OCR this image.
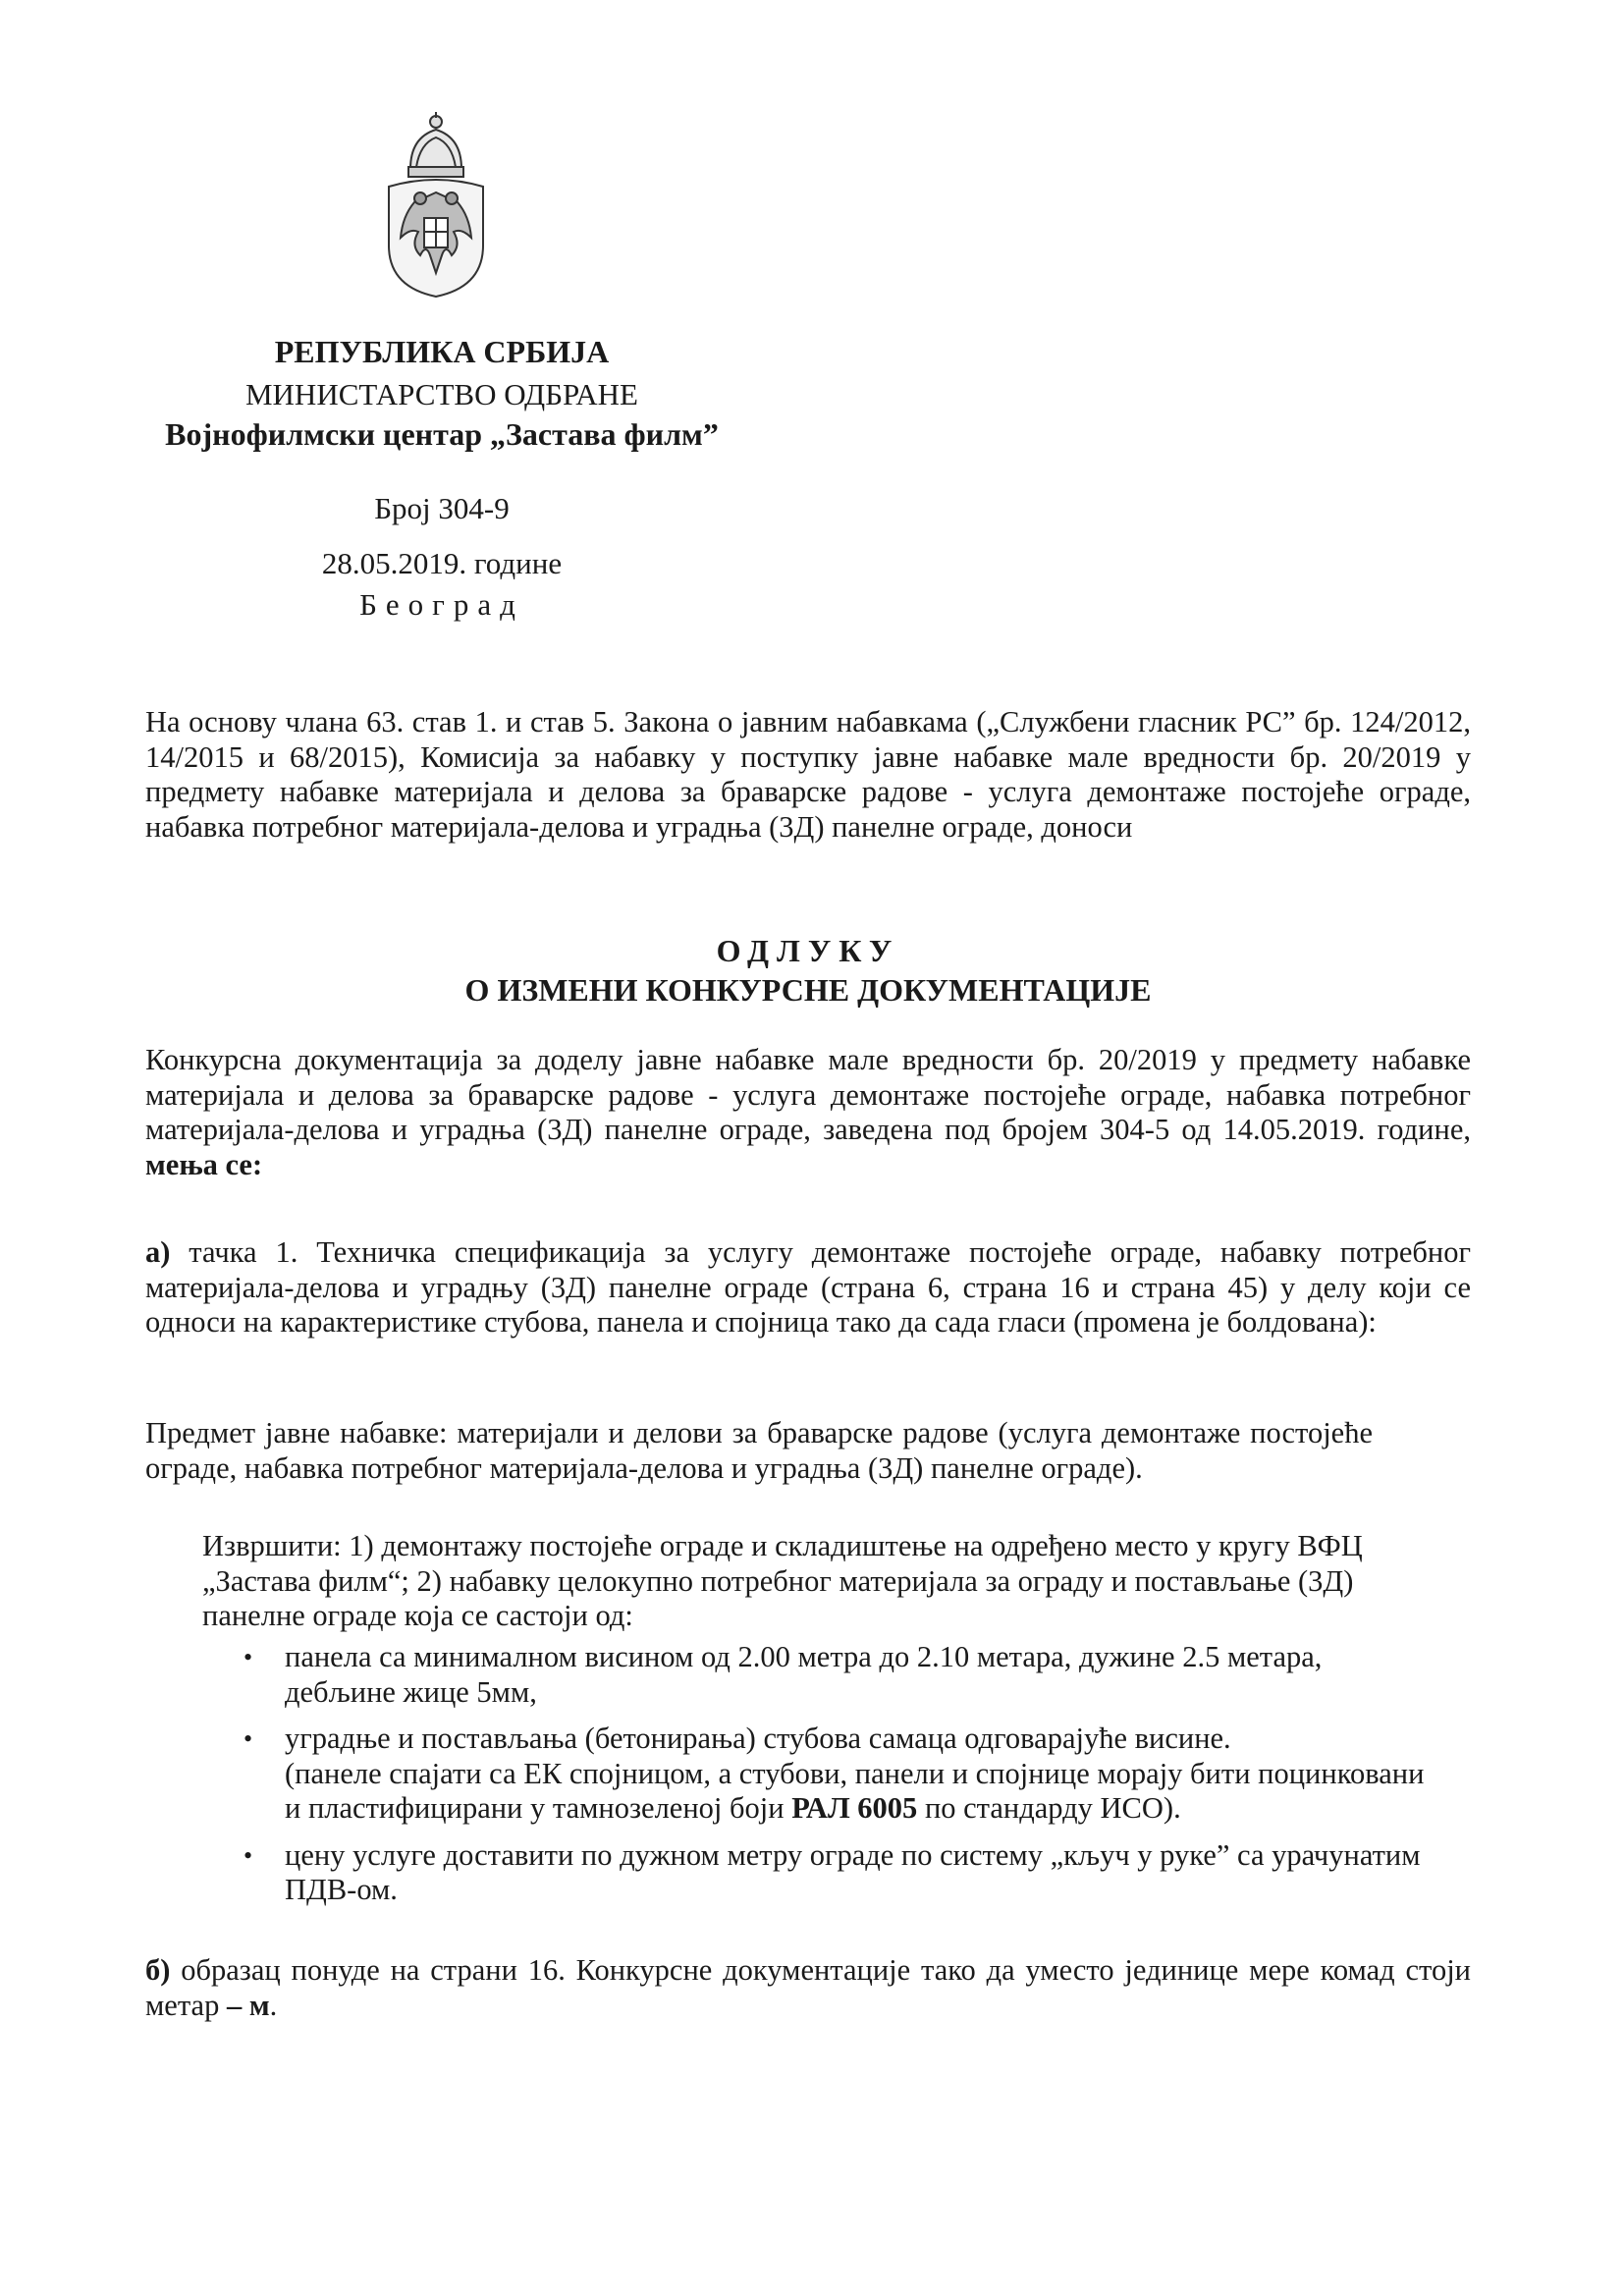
РЕПУБЛИКА СРБИЈА
МИНИСТАРСТВО ОДБРАНЕ
Војнофилмски центар „Застава филм”
Број 304-9
28.05.2019. године
Београд
На основу члана 63. став 1. и став 5. Закона о јавним набавкама („Службени гласник РС” бр. 124/2012, 14/2015 и 68/2015), Комисија за набавку у поступку јавне набавке мале вредности бр. 20/2019 у предмету набавке материјала и делова за браварске радове - услуга демонтаже постојеће ограде, набавка потребног материјала-делова и уградња (3Д) панелне ограде, доноси
ОДЛУКУ
О ИЗМЕНИ КОНКУРСНЕ ДОКУМЕНТАЦИЈЕ
Конкурсна документација за доделу јавне набавке мале вредности бр. 20/2019 у предмету набавке материјала и делова за браварске радове - услуга демонтаже постојеће ограде, набавка потребног материјала-делова и уградња (3Д) панелне ограде, заведена под бројем 304-5 од 14.05.2019. године, мења се:
а) тачка 1. Техничка спецификација за услугу демонтаже постојеће ограде, набавку потребног материјала-делова и уградњу (3Д) панелне ограде (страна 6, страна 16 и страна 45) у делу који се односи на карактеристике стубова, панела и спојница тако да сада гласи (промена је болдована):
Предмет јавне набавке: материјали и делови за браварске радове (услуга демонтаже постојеће ограде, набавка потребног материјала-делова и уградња (3Д) панелне ограде).
Извршити: 1) демонтажу постојеће ограде и складиштење на одређено место у кругу ВФЦ „Застава филм“; 2) набавку целокупно потребног материјала за ограду и постављање (3Д) панелне ограде која се састоји од:
• панела са минималном висином од 2.00 метра до 2.10 метара, дужине 2.5 метара, дебљине жице 5мм,
• уградње и постављања (бетонирања) стубова самаца одговарајуће висине.
(панеле спајати са ЕК спојницом, а стубови, панели и спојнице морају бити поцинковани и пластифицирани у тамнозеленој боји РАЛ 6005 по стандарду ИСО).
• цену услуге доставити по дужном метру ограде по систему „кључ у руке” са урачунатим ПДВ-ом.
б) образац понуде на страни 16. Конкурсне документације тако да уместо јединице мере комад стоји метар – м.
